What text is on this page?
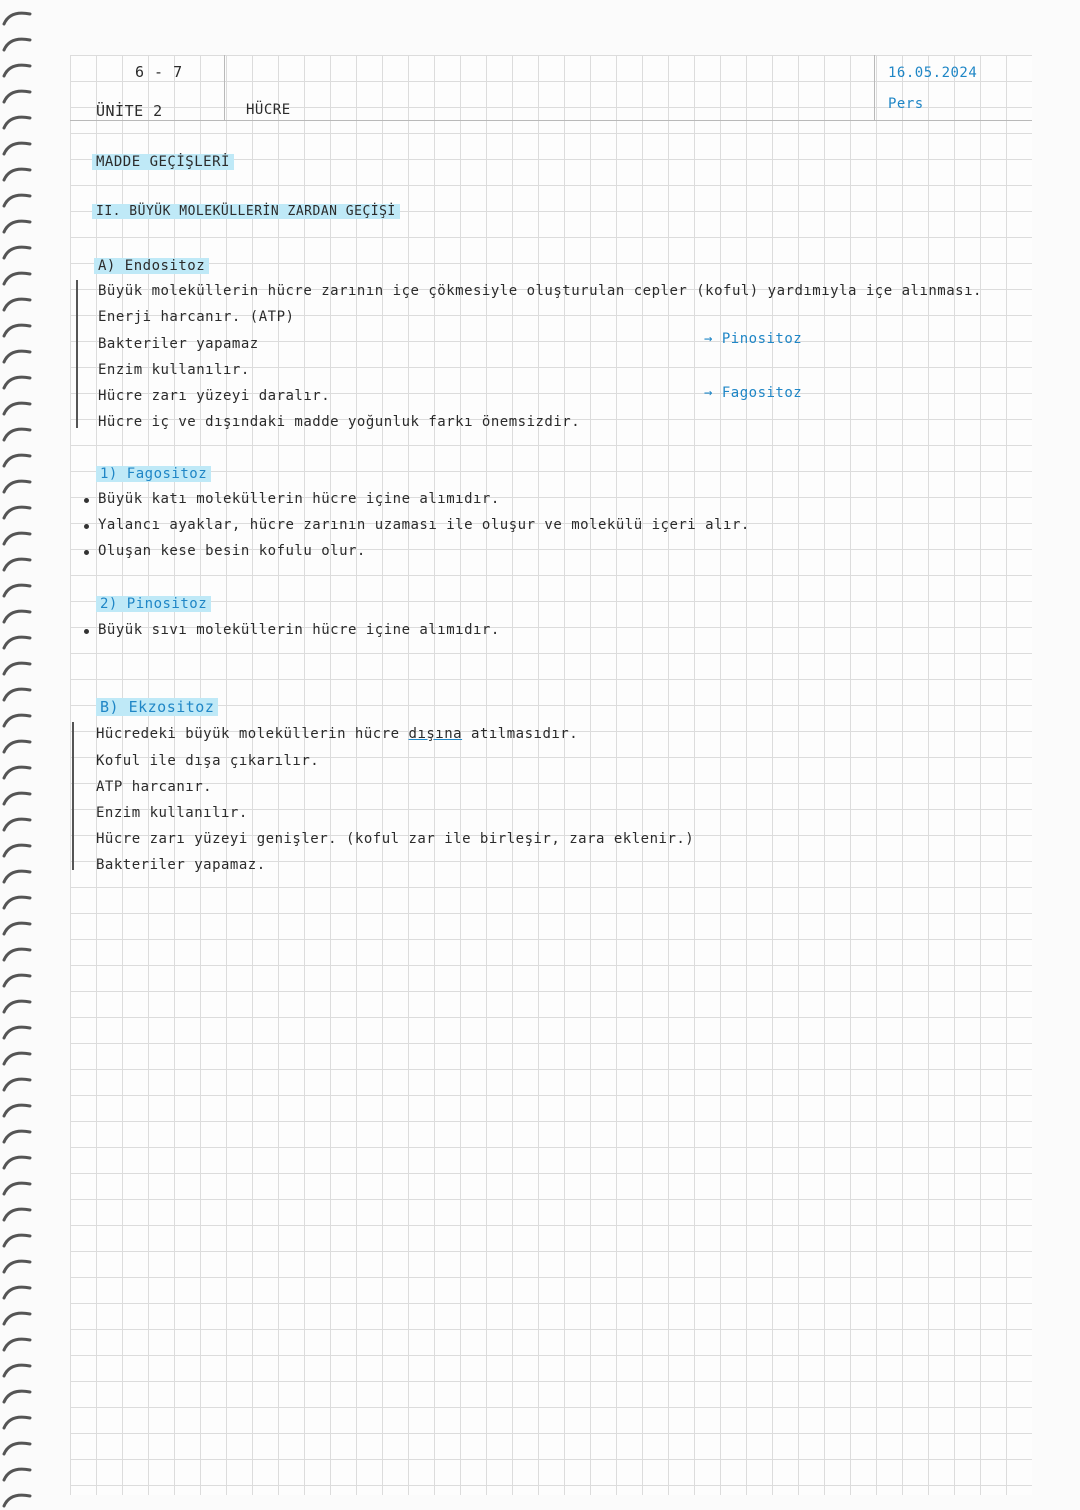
6 - 7
ÜNİTE 2	HÜCRE
16.05.2024
Pers
MADDE GEÇİŞLERİ
II. BÜYÜK MOLEKÜLLERİN ZARDAN GEÇİŞİ
A) Endositoz
Büyük moleküllerin hücre zarının içe çökmesiyle oluşturulan cepler (koful) yardımıyla içe alınması.
Enerji harcanır. (ATP)
Bakteriler yapamaz
Enzim kullanılır.
Hücre zarı yüzeyi daralır.
Hücre iç ve dışındaki madde yoğunluk farkı önemsizdir.
→ Pinositoz
→ Fagositoz
1) Fagositoz
Büyük katı moleküllerin hücre içine alımıdır.
Yalancı ayaklar, hücre zarının uzaması ile oluşur ve molekülü içeri alır.
Oluşan kese besin kofulu olur.
2) Pinositoz
Büyük sıvı moleküllerin hücre içine alımıdır.
B) Ekzositoz
Hücredeki büyük moleküllerin hücre dışına atılmasıdır.
Koful ile dışa çıkarılır.
ATP harcanır.
Enzim kullanılır.
Hücre zarı yüzeyi genişler. (koful zar ile birleşir, zara eklenir.)
Bakteriler yapamaz.
